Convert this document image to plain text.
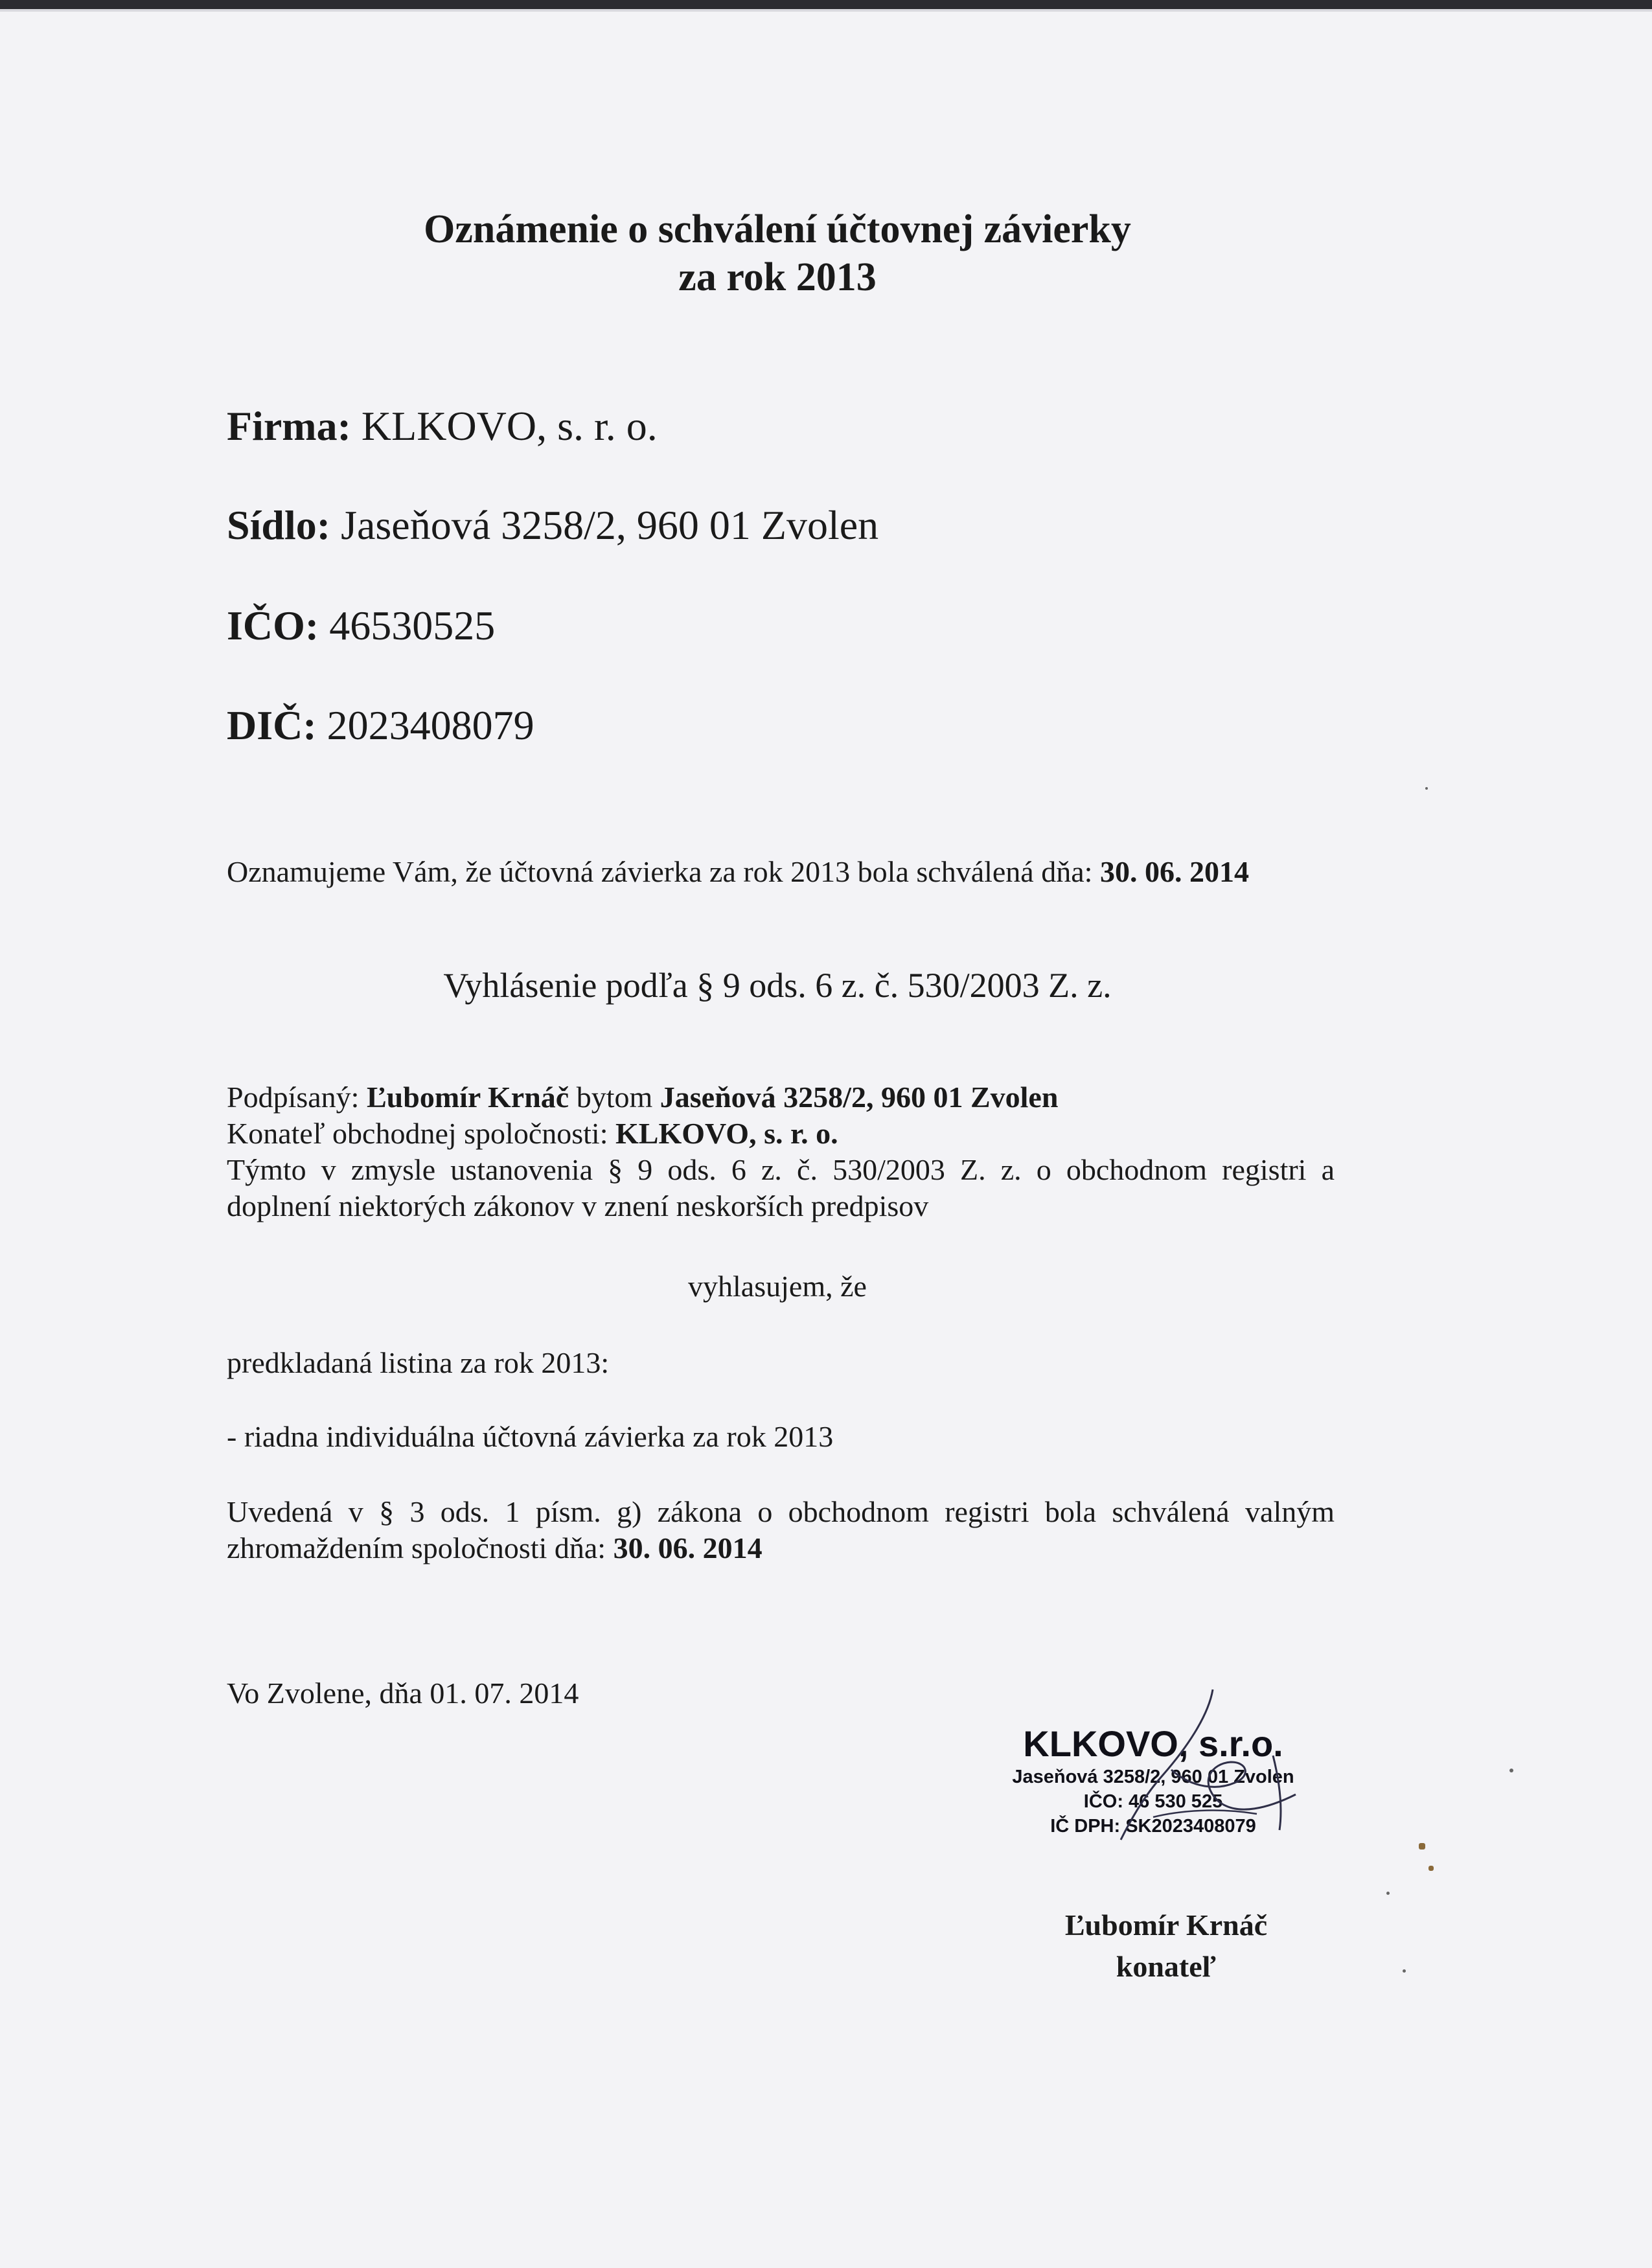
Oznámenie o schválení účtovnej závierky
za rok 2013
Firma: KLKOVO, s. r. o.
Sídlo: Jaseňová 3258/2, 960 01 Zvolen
IČO: 46530525
DIČ: 2023408079
Oznamujeme Vám, že účtovná závierka za rok 2013 bola schválená dňa: 30. 06. 2014
Vyhlásenie podľa § 9 ods. 6 z. č. 530/2003 Z. z.
Podpísaný: Ľubomír Krnáč bytom Jaseňová 3258/2, 960 01 Zvolen
Konateľ obchodnej spoločnosti: KLKOVO, s. r. o.
Týmto v zmysle ustanovenia § 9 ods. 6 z. č. 530/2003 Z. z. o obchodnom registri a
doplnení niektorých zákonov v znení neskorších predpisov
vyhlasujem, že
predkladaná listina za rok 2013:
- riadna individuálna účtovná závierka za rok 2013
Uvedená v § 3 ods. 1 písm. g) zákona o obchodnom registri bola schválená valným
zhromaždením spoločnosti dňa: 30. 06. 2014
Vo Zvolene, dňa 01. 07. 2014
KLKOVO, s.r.o.
Jaseňová 3258/2, 960 01 Zvolen
IČO: 46 530 525
IČ DPH: SK2023408079
Ľubomír Krnáč
konateľ
